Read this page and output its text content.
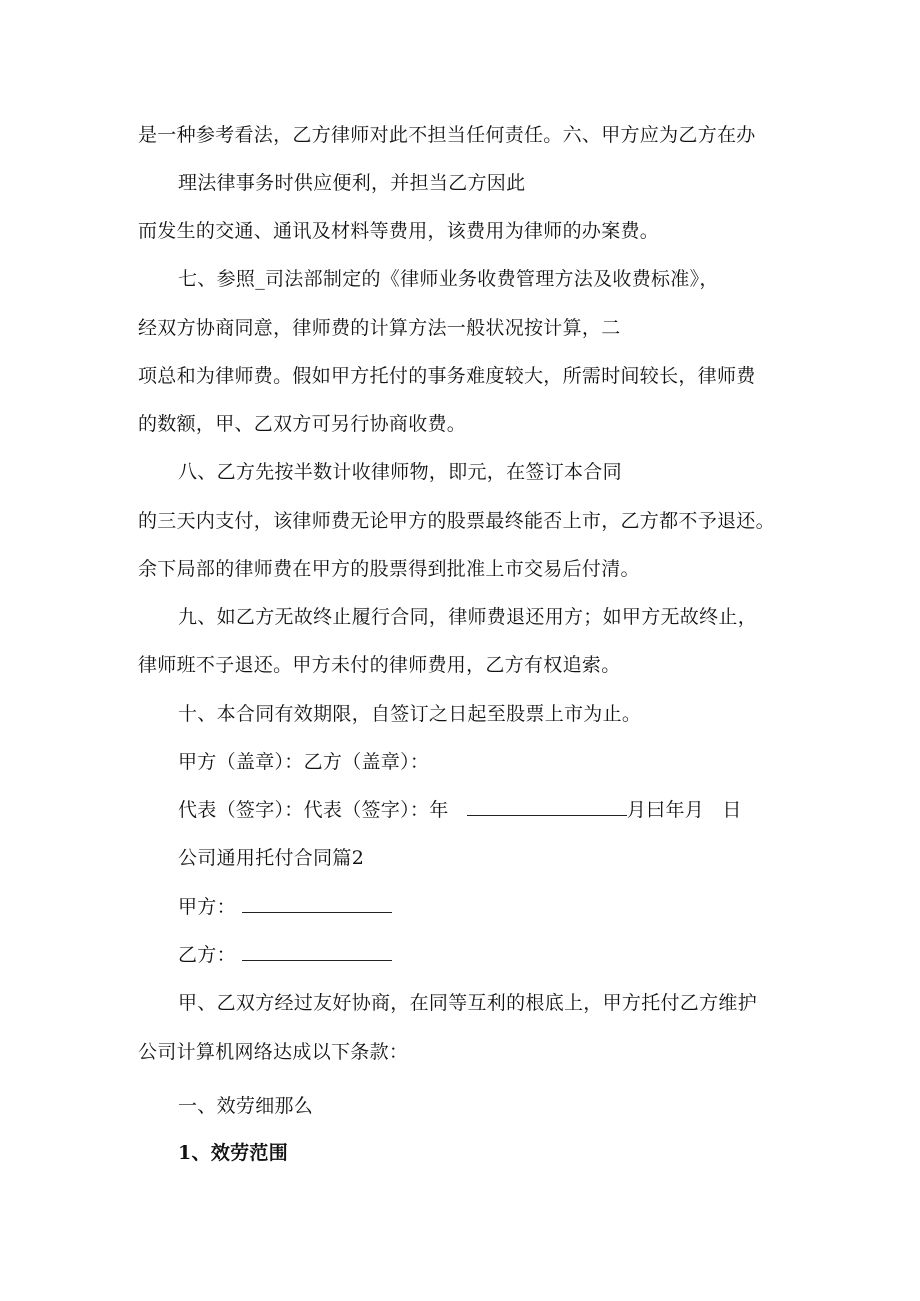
是一种参考看法，乙方律师对此不担当任何责任。六、甲方应为乙方在办
理法律事务时供应便利，并担当乙方因此
而发生的交通、通讯及材料等费用，该费用为律师的办案费。
七、参照_司法部制定的《律师业务收费管理方法及收费标准》，
经双方协商同意，律师费的计算方法一般状况按计算，二
项总和为律师费。假如甲方托付的事务难度较大，所需时间较长，律师费
的数额，甲、乙双方可另行协商收费。
八、乙方先按半数计收律师物，即元，在签订本合同
的三天内支付，该律师费无论甲方的股票最终能否上市，乙方都不予退还。
余下局部的律师费在甲方的股票得到批准上市交易后付清。
九、如乙方无故终止履行合同，律师费退还用方；如甲方无故终止，
律师班不子退还。甲方未付的律师费用，乙方有权追索。
十、本合同有效期限，自签订之日起至股票上市为止。
甲方（盖章）：乙方（盖章）：
代表（签字）：代表（签字）：年	月曰年月 日
公司通用托付合同篇2
甲方：
乙方：
甲、乙双方经过友好协商，在同等互利的根底上，甲方托付乙方维护
公司计算机网络达成以下条款：
一、效劳细那么
1、效劳范围
